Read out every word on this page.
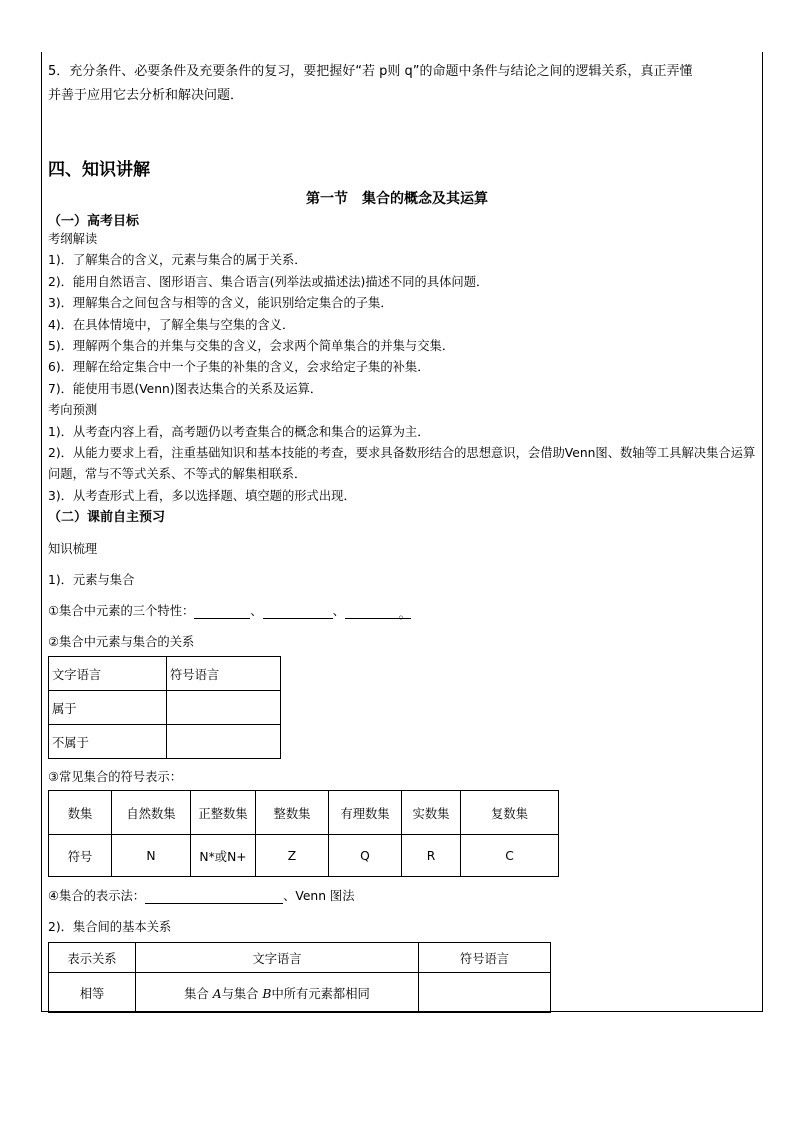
5．充分条件、必要条件及充要条件的复习，要把握好“若 p则 q”的命题中条件与结论之间的逻辑关系，真正弄懂
并善于应用它去分析和解决问题．
四、知识讲解
第一节 集合的概念及其运算
（一）高考目标
考纲解读
1)．了解集合的含义，元素与集合的属于关系．
2)．能用自然语言、图形语言、集合语言(列举法或描述法)描述不同的具体问题．
3)．理解集合之间包含与相等的含义，能识别给定集合的子集．
4)．在具体情境中，了解全集与空集的含义．
5)．理解两个集合的并集与交集的含义，会求两个简单集合的并集与交集．
6)．理解在给定集合中一个子集的补集的含义，会求给定子集的补集．
7)．能使用韦恩(Venn)图表达集合的关系及运算．
考向预测
1)．从考查内容上看，高考题仍以考查集合的概念和集合的运算为主．
2)．从能力要求上看，注重基础知识和基本技能的考查，要求具备数形结合的思想意识，会借助Venn图、数轴等工具解决集合运算问题，常与不等式关系、不等式的解集相联系．
3)．从考查形式上看，多以选择题、填空题的形式出现．
（二）课前自主预习
知识梳理
1)．元素与集合
①集合中元素的三个特性：	、	、	。
②集合中元素与集合的关系
文字语言	符号语言
属于	
不属于	
③常见集合的符号表示：
数集	自然数集	正整数集	整数集	有理数集	实数集	复数集
符号	N	N*或N+	Z	Q	R	C
④集合的表示法：	、Venn 图法
2)．集合间的基本关系
表示关系	文字语言	符号语言
相等	集合 A与集合 B中所有元素都相同	
